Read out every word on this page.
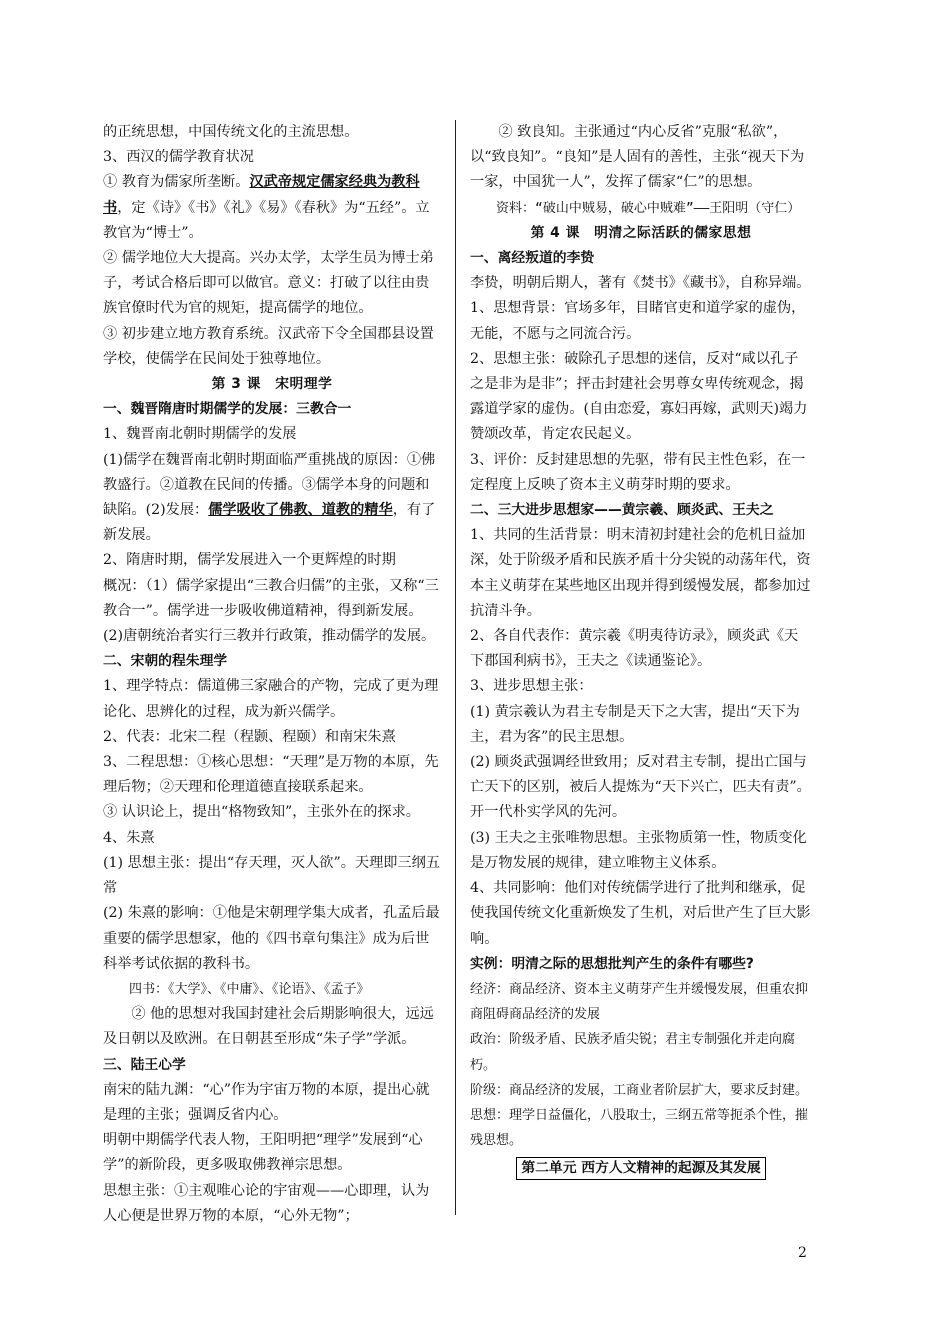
的正统思想，中国传统文化的主流思想。

3、西汉的儒学教育状况

① 教育为儒家所垄断。汉武帝规定儒家经典为教科书，定《诗》《书》《礼》《易》《春秋》为“五经”。立教官为“博士”。

② 儒学地位大大提高。兴办太学，太学生员为博士弟子，考试合格后即可以做官。意义：打破了以往由贵族官僚时代为官的规矩，提高儒学的地位。

③ 初步建立地方教育系统。汉武帝下令全国郡县设置学校，使儒学在民间处于独尊地位。

第 3 课　宋明理学

一、魏晋隋唐时期儒学的发展：三教合一

1、魏晋南北朝时期儒学的发展

(1)儒学在魏晋南北朝时期面临严重挑战的原因：①佛教盛行。②道教在民间的传播。③儒学本身的问题和缺陷。(2)发展：儒学吸收了佛教、道教的精华，有了新发展。

2、隋唐时期，儒学发展进入一个更辉煌的时期

概况：（1）儒学家提出“三教合归儒”的主张，又称“三教合一”。儒学进一步吸收佛道精神，得到新发展。

(2)唐朝统治者实行三教并行政策，推动儒学的发展。

二、宋朝的程朱理学

1、理学特点：儒道佛三家融合的产物，完成了更为理论化、思辨化的过程，成为新兴儒学。

2、代表：北宋二程（程颢、程颐）和南宋朱熹

3、二程思想：①核心思想：“天理”是万物的本原，先理后物；②天理和伦理道德直接联系起来。

③ 认识论上，提出“格物致知”，主张外在的探求。

4、朱熹

(1) 思想主张：提出“存天理，灭人欲”。天理即三纲五常

(2) 朱熹的影响：①他是宋朝理学集大成者，孔孟后最重要的儒学思想家，他的《四书章句集注》成为后世科举考试依据的教科书。

四书：《大学》、《中庸》、《论语》、《孟子》

② 他的思想对我国封建社会后期影响很大，远远及日朝以及欧洲。在日朝甚至形成“朱子学”学派。

三、陆王心学

南宋的陆九渊：“心”作为宇宙万物的本原，提出心就是理的主张；强调反省内心。

明朝中期儒学代表人物，王阳明把“理学”发展到“心学”的新阶段，更多吸取佛教禅宗思想。

思想主张：①主观唯心论的宇宙观——心即理，认为人心便是世界万物的本原，“心外无物”；

② 致良知。主张通过“内心反省”克服“私欲”，以“致良知”。“良知”是人固有的善性，主张“视天下为一家，中国犹一人”，发挥了儒家“仁”的思想。

资料：“破山中贼易，破心中贼难”——王阳明（守仁）

第 4 课　明清之际活跃的儒家思想

一、离经叛道的李贽

李贽，明朝后期人，著有《焚书》《藏书》，自称异端。

1、思想背景：官场多年，目睹官吏和道学家的虚伪，无能，不愿与之同流合污。

2、思想主张：破除孔子思想的迷信，反对“咸以孔子之是非为是非”；抨击封建社会男尊女卑传统观念，揭露道学家的虚伪。(自由恋爱，寡妇再嫁，武则天)竭力赞颂改革，肯定农民起义。

3、评价：反封建思想的先驱，带有民主性色彩，在一定程度上反映了资本主义萌芽时期的要求。

二、三大进步思想家——黄宗羲、顾炎武、王夫之

1、共同的生活背景：明末清初封建社会的危机日益加深，处于阶级矛盾和民族矛盾十分尖锐的动荡年代，资本主义萌芽在某些地区出现并得到缓慢发展，都参加过抗清斗争。

2、各自代表作：黄宗羲《明夷待访录》，顾炎武《天下郡国利病书》，王夫之《读通鉴论》。

3、进步思想主张：

(1) 黄宗羲认为君主专制是天下之大害，提出“天下为主，君为客”的民主思想。

(2) 顾炎武强调经世致用；反对君主专制，提出亡国与亡天下的区别，被后人提炼为“天下兴亡，匹夫有责”。开一代朴实学风的先河。

(3) 王夫之主张唯物思想。主张物质第一性，物质变化是万物发展的规律，建立唯物主义体系。

4、共同影响：他们对传统儒学进行了批判和继承，促使我国传统文化重新焕发了生机，对后世产生了巨大影响。

实例：明清之际的思想批判产生的条件有哪些?

经济：商品经济、资本主义萌芽产生并缓慢发展，但重农抑商阻碍商品经济的发展

政治：阶级矛盾、民族矛盾尖锐；君主专制强化并走向腐朽。

阶级：商品经济的发展，工商业者阶层扩大，要求反封建。

思想：理学日益僵化，八股取士，三纲五常等扼杀个性，摧残思想。

第二单元 西方人文精神的起源及其发展

2
